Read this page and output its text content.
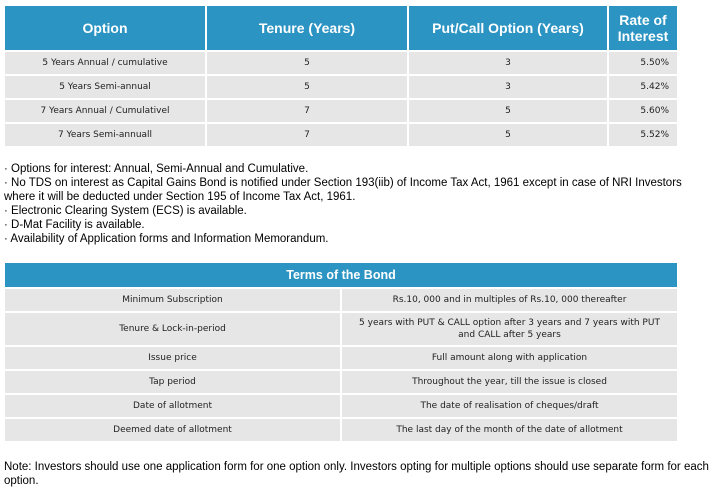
Option	Tenure (Years)	Put/Call Option (Years)	Rate of Interest
5 Years Annual / cumulative	5	3	5.50%
5 Years Semi-annual	5	3	5.42%
7 Years Annual / Cumulativel	7	5	5.60%
7 Years Semi-annuall	7	5	5.52%
· Options for interest: Annual, Semi-Annual and Cumulative.
· No TDS on interest as Capital Gains Bond is notified under Section 193(iib) of Income Tax Act, 1961 except in case of NRI Investors where it will be deducted under Section 195 of Income Tax Act, 1961.
· Electronic Clearing System (ECS) is available.
· D-Mat Facility is available.
· Availability of Application forms and Information Memorandum.
Terms of the Bond	
Minimum Subscription	Rs.10, 000 and in multiples of Rs.10, 000 thereafter
Tenure & Lock-in-period	5 years with PUT & CALL option after 3 years and 7 years with PUT and CALL after 5 years
Issue price	Full amount along with application
Tap period	Throughout the year, till the issue is closed
Date of allotment	The date of realisation of cheques/draft
Deemed date of allotment	The last day of the month of the date of allotment
Note: Investors should use one application form for one option only. Investors opting for multiple options should use separate form for each option.
